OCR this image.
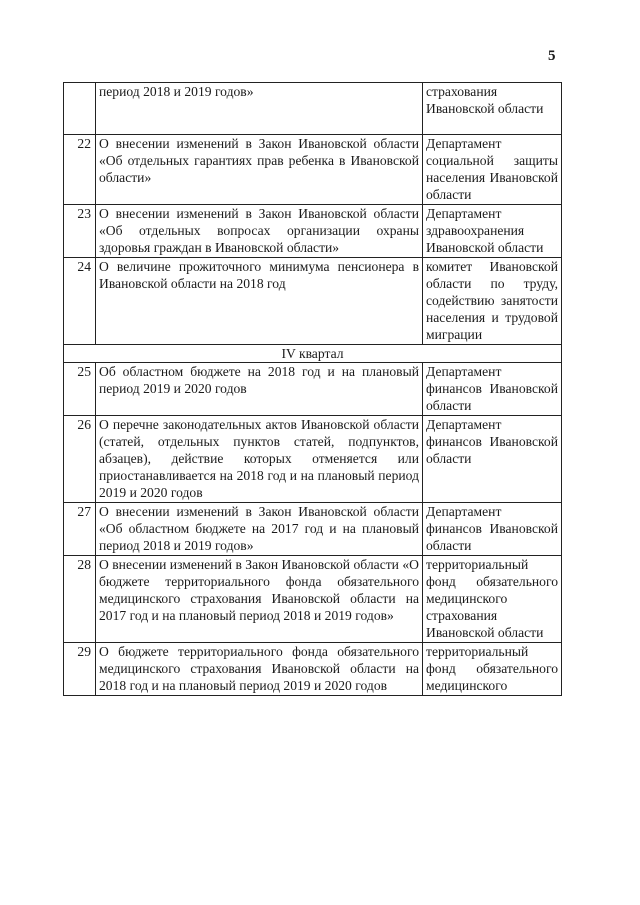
5
	период 2018 и 2019 годов»	страхования Ивановской области
22	О внесении изменений в Закон Ивановской области «Об отдельных гарантиях прав ребенка в Ивановской области»	Департамент социальной защиты населения Ивановской области
23	О внесении изменений в Закон Ивановской области «Об отдельных вопросах организации охраны здоровья граждан в Ивановской области»	Департамент здравоохранения Ивановской области
24	О величине прожиточного минимума пенсионера в Ивановской области на 2018 год	комитет Ивановской области по труду, содействию занятости населения и трудовой миграции
IV квартал		
25	Об областном бюджете на 2018 год и на плановый период 2019 и 2020 годов	Департамент финансов Ивановской области
26	О перечне законодательных актов Ивановской области (статей, отдельных пунктов статей, подпунктов, абзацев), действие которых отменяется или приостанавливается на 2018 год и на плановый период 2019 и 2020 годов	Департамент финансов Ивановской области
27	О внесении изменений в Закон Ивановской области «Об областном бюджете на 2017 год и на плановый период 2018 и 2019 годов»	Департамент финансов Ивановской области
28	О внесении изменений в Закон Ивановской области «О бюджете территориального фонда обязательного медицинского страхования Ивановской области на 2017 год и на плановый период 2018 и 2019 годов»	территориальный фонд обязательного медицинского страхования Ивановской области
29	О бюджете территориального фонда обязательного медицинского страхования Ивановской области на 2018 год и на плановый период 2019 и 2020 годов	территориальный фонд обязательного медицинского
